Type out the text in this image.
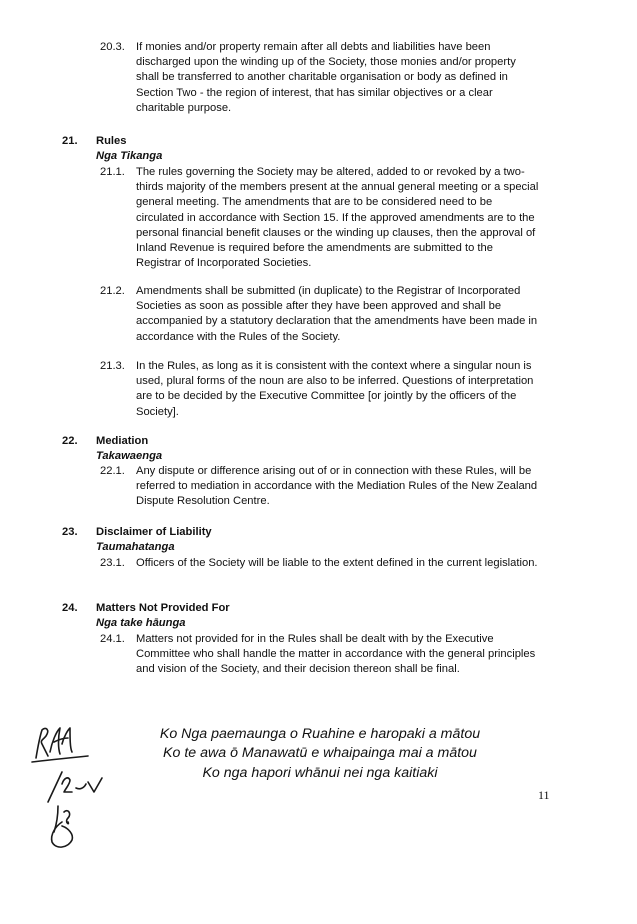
20.3. If monies and/or property remain after all debts and liabilities have been discharged upon the winding up of the Society, those monies and/or property shall be transferred to another charitable organisation or body as defined in Section Two - the region of interest, that has similar objectives or a clear charitable purpose.
21. Rules
Nga Tikanga
21.1. The rules governing the Society may be altered, added to or revoked by a two-thirds majority of the members present at the annual general meeting or a special general meeting. The amendments that are to be considered need to be circulated in accordance with Section 15. If the approved amendments are to the personal financial benefit clauses or the winding up clauses, then the approval of Inland Revenue is required before the amendments are submitted to the Registrar of Incorporated Societies.
21.2. Amendments shall be submitted (in duplicate) to the Registrar of Incorporated Societies as soon as possible after they have been approved and shall be accompanied by a statutory declaration that the amendments have been made in accordance with the Rules of the Society.
21.3. In the Rules, as long as it is consistent with the context where a singular noun is used, plural forms of the noun are also to be inferred. Questions of interpretation are to be decided by the Executive Committee [or jointly by the officers of the Society].
22. Mediation
Takawaenga
22.1. Any dispute or difference arising out of or in connection with these Rules, will be referred to mediation in accordance with the Mediation Rules of the New Zealand Dispute Resolution Centre.
23. Disclaimer of Liability
Taumahatanga
23.1. Officers of the Society will be liable to the extent defined in the current legislation.
24. Matters Not Provided For
Nga take hāunga
24.1. Matters not provided for in the Rules shall be dealt with by the Executive Committee who shall handle the matter in accordance with the general principles and vision of the Society, and their decision thereon shall be final.
Ko Nga paemaunga o Ruahine e haropaki a mātou
Ko te awa ō Manawatū e whaipainga mai a mātou
Ko nga hapori whānui nei nga kaitiaki
11
